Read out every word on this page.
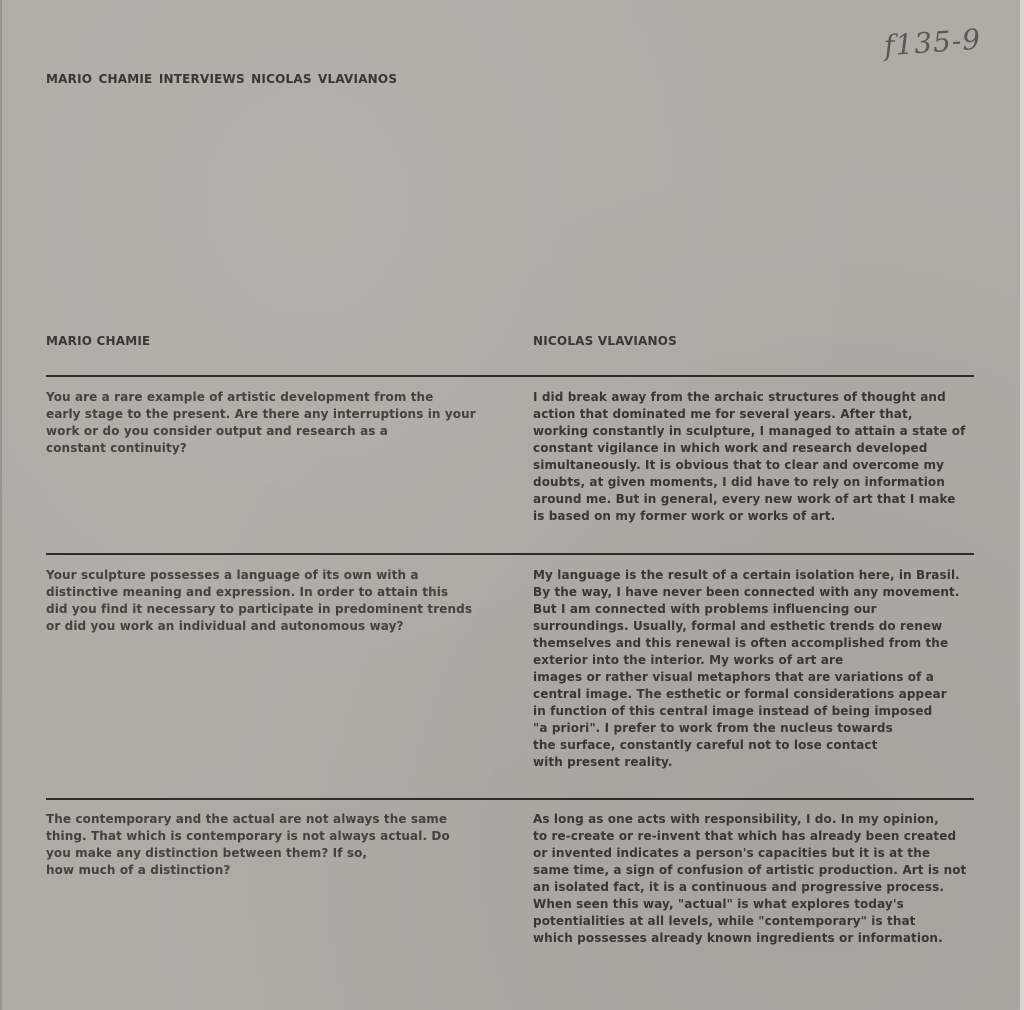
f135-9
MARIO CHAMIE INTERVIEWS NICOLAS VLAVIANOS
MARIO CHAMIE	NICOLAS VLAVIANOS
You are a rare example of artistic development from the
early stage to the present. Are there any interruptions in your
work or do you consider output and research as a
constant continuity?
I did break away from the archaic structures of thought and
action that dominated me for several years. After that,
working constantly in sculpture, I managed to attain a state of
constant vigilance in which work and research developed
simultaneously. It is obvious that to clear and overcome my
doubts, at given moments, I did have to rely on information
around me. But in general, every new work of art that I make
is based on my former work or works of art.
Your sculpture possesses a language of its own with a
distinctive meaning and expression. In order to attain this
did you find it necessary to participate in predominent trends
or did you work an individual and autonomous way?
My language is the result of a certain isolation here, in Brasil.
By the way, I have never been connected with any movement.
But I am connected with problems influencing our
surroundings. Usually, formal and esthetic trends do renew
themselves and this renewal is often accomplished from the
exterior into the interior. My works of art are
images or rather visual metaphors that are variations of a
central image. The esthetic or formal considerations appear
in function of this central image instead of being imposed
"a priori". I prefer to work from the nucleus towards
the surface, constantly careful not to lose contact
with present reality.
The contemporary and the actual are not always the same
thing. That which is contemporary is not always actual. Do
you make any distinction between them? If so,
how much of a distinction?
As long as one acts with responsibility, I do. In my opinion,
to re-create or re-invent that which has already been created
or invented indicates a person's capacities but it is at the
same time, a sign of confusion of artistic production. Art is not
an isolated fact, it is a continuous and progressive process.
When seen this way, "actual" is what explores today's
potentialities at all levels, while "contemporary" is that
which possesses already known ingredients or information.
